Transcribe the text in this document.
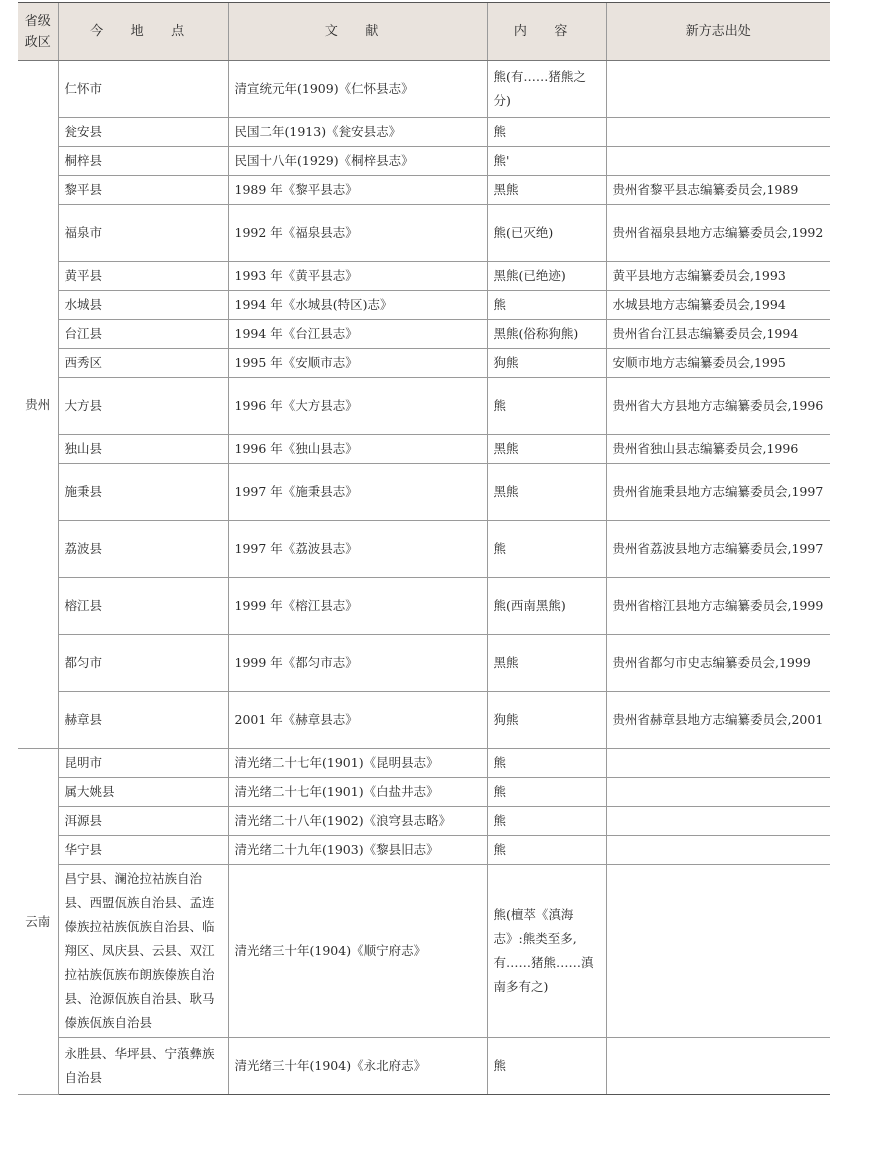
省级
政区	今 地 点	文 献	内 容	新方志出处
贵州	仁怀市	清宣统元年(1909)《仁怀县志》	熊(有……猪熊之分)	
	瓮安县	民国二年(1913)《瓮安县志》	熊	
	桐梓县	民国十八年(1929)《桐梓县志》	熊'	
	黎平县	1989 年《黎平县志》	黑熊	贵州省黎平县志编纂委员会,1989
	福泉市	1992 年《福泉县志》	熊(已灭绝)	贵州省福泉县地方志编纂委员会,1992
	黄平县	1993 年《黄平县志》	黑熊(已绝迹)	黄平县地方志编纂委员会,1993
	水城县	1994 年《水城县(特区)志》	熊	水城县地方志编纂委员会,1994
	台江县	1994 年《台江县志》	黑熊(俗称狗熊)	贵州省台江县志编纂委员会,1994
	西秀区	1995 年《安顺市志》	狗熊	安顺市地方志编纂委员会,1995
	大方县	1996 年《大方县志》	熊	贵州省大方县地方志编纂委员会,1996
	独山县	1996 年《独山县志》	黑熊	贵州省独山县志编纂委员会,1996
	施秉县	1997 年《施秉县志》	黑熊	贵州省施秉县地方志编纂委员会,1997
	荔波县	1997 年《荔波县志》	熊	贵州省荔波县地方志编纂委员会,1997
	榕江县	1999 年《榕江县志》	熊(西南黑熊)	贵州省榕江县地方志编纂委员会,1999
	都匀市	1999 年《都匀市志》	黑熊	贵州省都匀市史志编纂委员会,1999
	赫章县	2001 年《赫章县志》	狗熊	贵州省赫章县地方志编纂委员会,2001
云南	昆明市	清光绪二十七年(1901)《昆明县志》	熊	
	属大姚县	清光绪二十七年(1901)《白盐井志》	熊	
	洱源县	清光绪二十八年(1902)《浪穹县志略》	熊	
	华宁县	清光绪二十九年(1903)《黎县旧志》	熊	
	昌宁县、澜沧拉祜族自治县、西盟佤族自治县、孟连傣族拉祜族佤族自治县、临翔区、凤庆县、云县、双江拉祜族佤族布朗族傣族自治县、沧源佤族自治县、耿马傣族佤族自治县	清光绪三十年(1904)《顺宁府志》	熊(檀萃《滇海志》:熊类至多,有……猪熊……滇南多有之)	
	永胜县、华坪县、宁蒗彝族自治县	清光绪三十年(1904)《永北府志》	熊	
